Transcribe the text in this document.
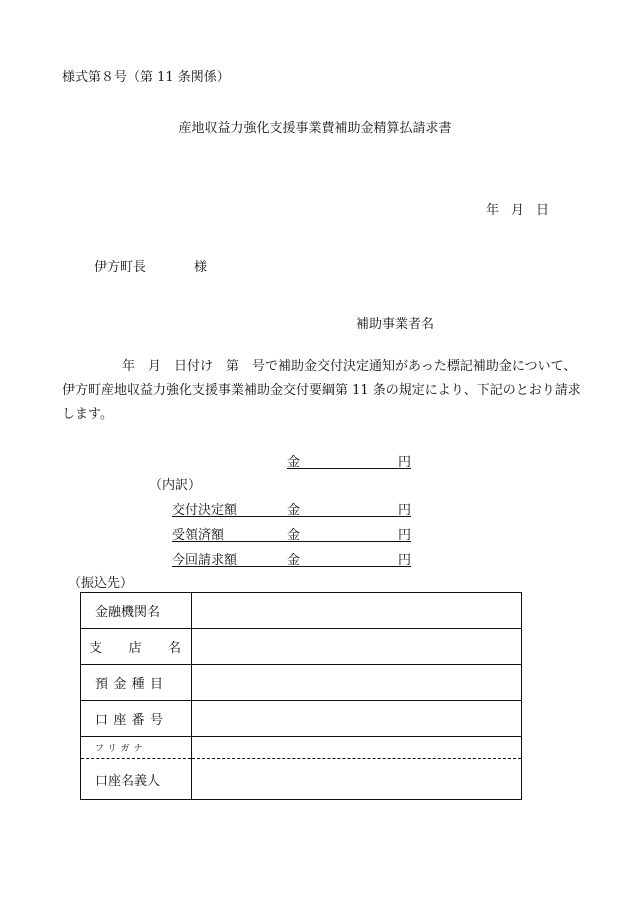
様式第８号（第 11 条関係）
産地収益力強化支援事業費補助金精算払請求書
年 月 日
伊方町長	様
補助事業者名
年　月　日付け　第　号で補助金交付決定通知があった標記補助金について、伊方町産地収益力強化支援事業補助金交付要綱第 11 条の規定により、下記のとおり請求します。
金	円
（内訳）
交付決定額	金	円
受領済額	金	円
今回請求額	金	円
（振込先）
金融機関名	

支 店 名	

預 金 種 目	

口 座 番 号	

フリガナ	

口座名義人	
